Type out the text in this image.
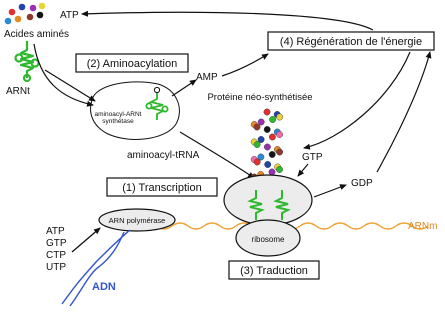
ATP
Acides aminés
ARNt
(2) Aminoacylation
aminoacyl-ARNt
synthétase
AMP
aminoacyl-tRNA
(4) Régénération de l'énergie
GTP
GDP
Protéine néo-synthétisée
ARNm
ribosome
(1) Transcription
ARN polymérase
ATP
GTP
CTP
UTP
ADN
(3) Traduction
